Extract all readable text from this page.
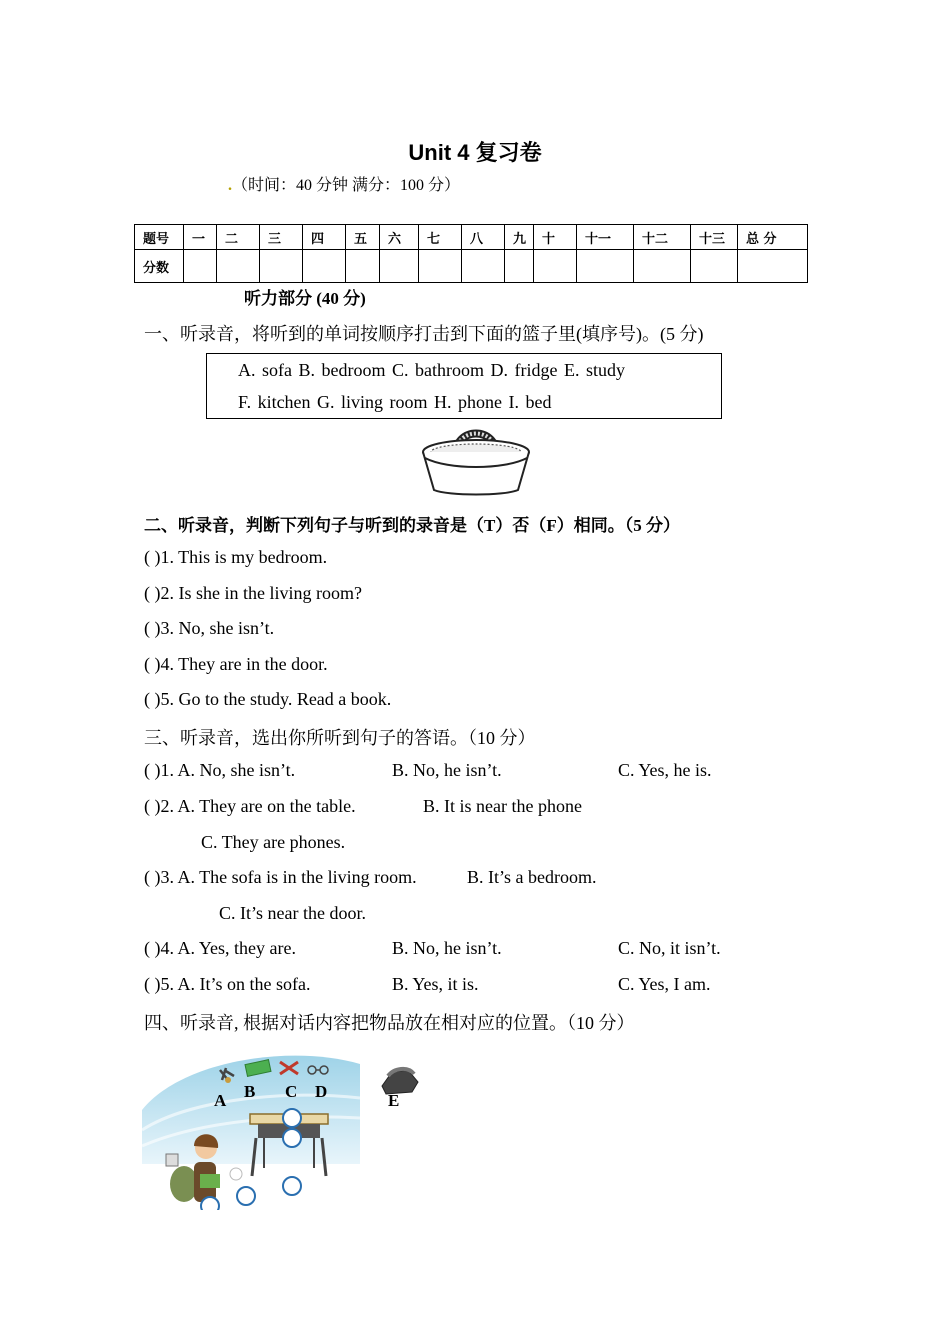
Unit 4 复习卷
.（时间：40 分钟 满分：100 分）
题号	一	二	三	四	五	六	七	八	九	十	十一	十二	十三	总 分
分数														
听力部分 (40 分)
一、听录音，将听到的单词按顺序打击到下面的篮子里(填序号)。(5 分)
A. sofa B. bedroom C. bathroom D. fridge E. study
F. kitchen G. living room H. phone I. bed
二、听录音，判断下列句子与听到的录音是（T）否（F）相同。（5 分）
( )1. This is my bedroom.
( )2. Is she in the living room?
( )3. No, she isn’t.
( )4. They are in the door.
( )5. Go to the study. Read a book.
三、听录音，选出你所听到句子的答语。（10 分）
( )1. A. No, she isn’t.	B. No, he isn’t.	C. Yes, he is.
( )2. A. They are on the table.	B. It is near the phone
C. They are phones.
( )3. A. The sofa is in the living room.	B. It’s a bedroom.
C. It’s near the door.
( )4. A. Yes, they are.	B. No, he isn’t.	C. No, it isn’t.
( )5. A. It’s on the sofa.	B. Yes, it is.	C. Yes, I am.
四、听录音, 根据对话内容把物品放在相对应的位置。（10 分）
A B C D	E
